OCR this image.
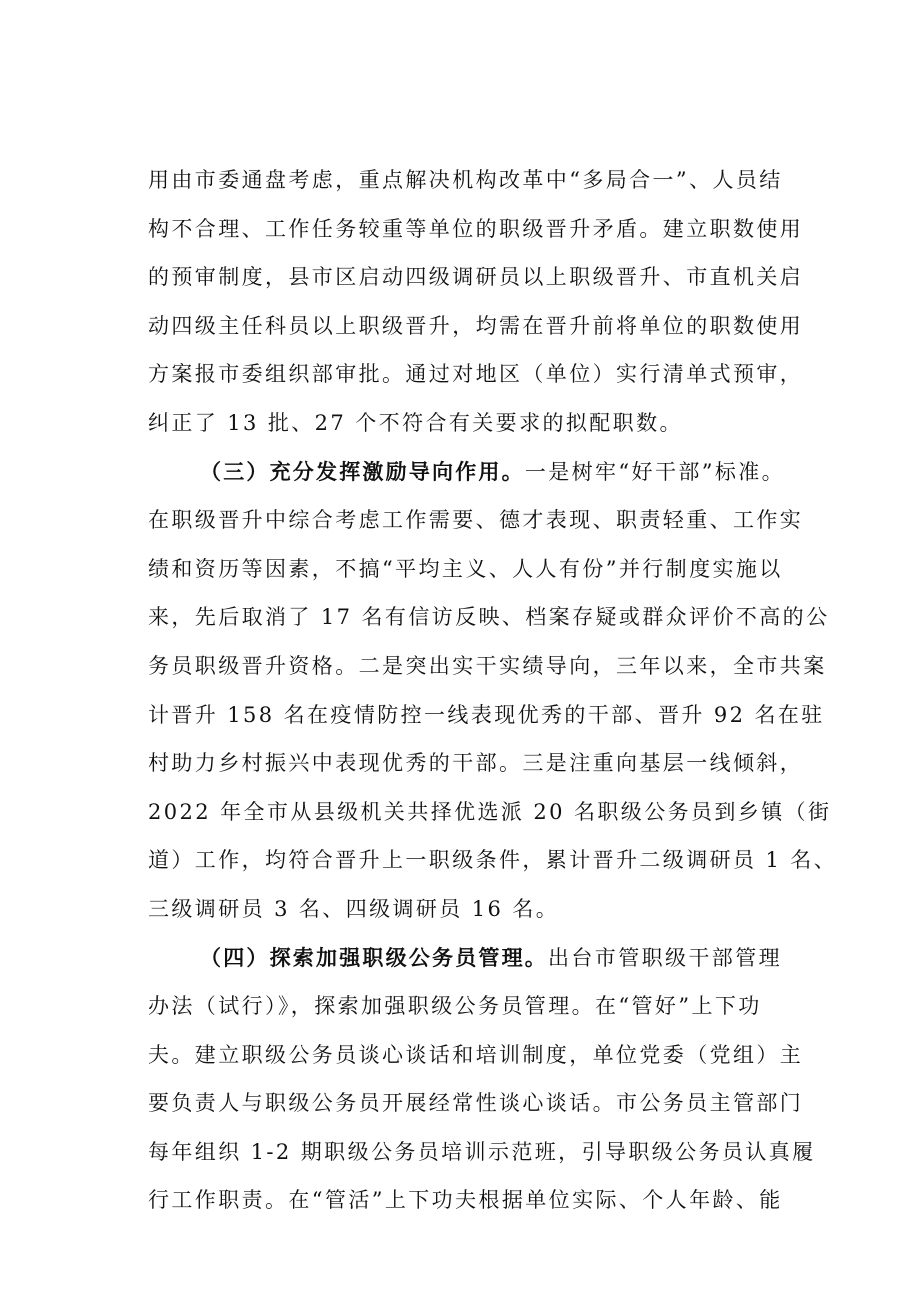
用由市委通盘考虑，重点解决机构改革中“多局合一”、人员结
构不合理、工作任务较重等单位的职级晋升矛盾。建立职数使用
的预审制度，县市区启动四级调研员以上职级晋升、市直机关启
动四级主任科员以上职级晋升，均需在晋升前将单位的职数使用
方案报市委组织部审批。通过对地区（单位）实行清单式预审，
纠正了 13 批、27 个不符合有关要求的拟配职数。
（三）充分发挥激励导向作用。一是树牢“好干部”标准。
在职级晋升中综合考虑工作需要、德才表现、职责轻重、工作实
绩和资历等因素，不搞“平均主义、人人有份”并行制度实施以
来，先后取消了 17 名有信访反映、档案存疑或群众评价不高的公
务员职级晋升资格。二是突出实干实绩导向，三年以来，全市共案
计晋升 158 名在疫情防控一线表现优秀的干部、晋升 92 名在驻
村助力乡村振兴中表现优秀的干部。三是注重向基层一线倾斜，
2022 年全市从县级机关共择优选派 20 名职级公务员到乡镇（街
道）工作，均符合晋升上一职级条件，累计晋升二级调研员 1 名、
三级调研员 3 名、四级调研员 16 名。
（四）探索加强职级公务员管理。出台市管职级干部管理
办法（试行）》，探索加强职级公务员管理。在“管好”上下功
夫。建立职级公务员谈心谈话和培训制度，单位党委（党组）主
要负责人与职级公务员开展经常性谈心谈话。市公务员主管部门
每年组织 1-2 期职级公务员培训示范班，引导职级公务员认真履
行工作职责。在“管活”上下功夫根据单位实际、个人年龄、能
